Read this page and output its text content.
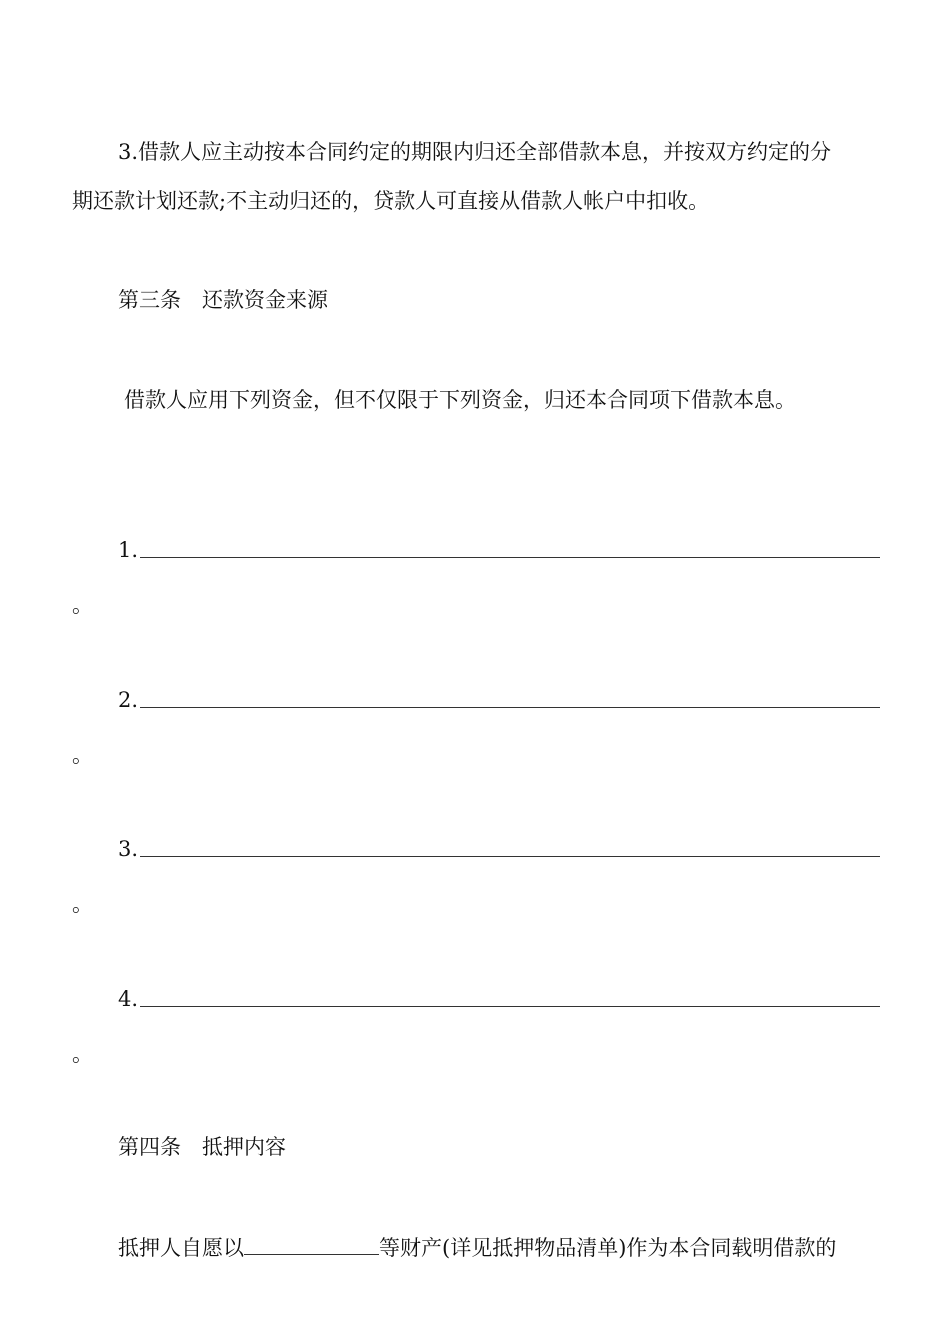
3.借款人应主动按本合同约定的期限内归还全部借款本息，并按双方约定的分
期还款计划还款;不主动归还的，贷款人可直接从借款人帐户中扣收。
第三条　还款资金来源
借款人应用下列资金，但不仅限于下列资金，归还本合同项下借款本息。
1.
。
2.
。
3.
。
4.
。
第四条　抵押内容
抵押人自愿以	等财产(详见抵押物品清单)作为本合同载明借款的
